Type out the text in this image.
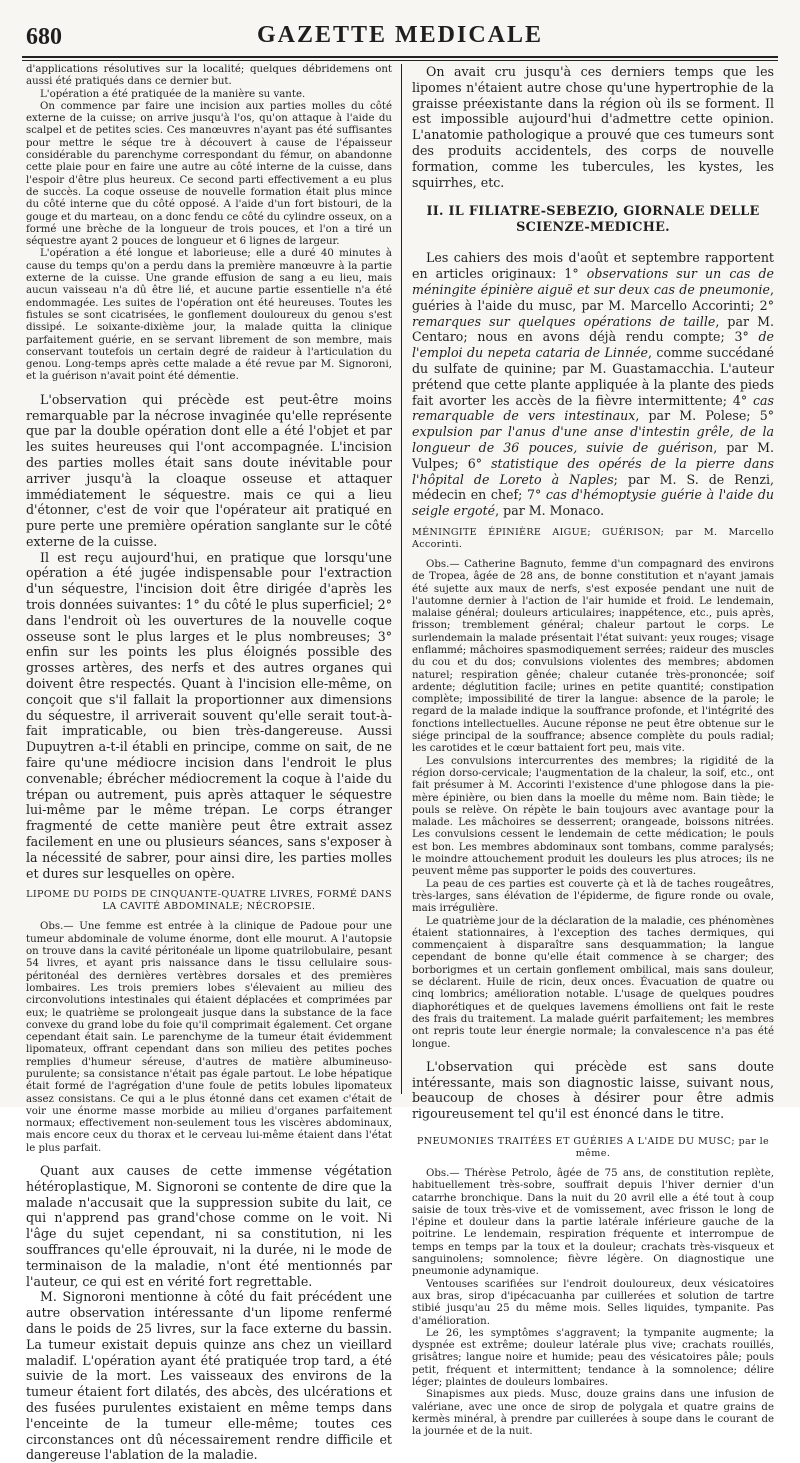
680	GAZETTE MEDICALE

d'applications résolutives sur la localité; quelques débridemens ont aussi été pratiqués dans ce dernier but.

L'opération a été pratiquée de la manière su vante.

On commence par faire une incision aux parties molles du côté externe de la cuisse; on arrive jusqu'à l'os, qu'on attaque à l'aide du scalpel et de petites scies. Ces manœuvres n'ayant pas été suffisantes pour mettre le séque tre à découvert à cause de l'épaisseur considérable du parenchyme correspondant du fémur, on abandonne cette plaie pour en faire une autre au côté interne de la cuisse, dans l'espoir d'être plus heureux. Ce second parti effectivement a eu plus de succès. La coque osseuse de nouvelle formation était plus mince du côté interne que du côté opposé. A l'aide d'un fort bistouri, de la gouge et du marteau, on a donc fendu ce côté du cylindre osseux, on a formé une brèche de la longueur de trois pouces, et l'on a tiré un séquestre ayant 2 pouces de longueur et 6 lignes de largeur.

L'opération a été longue et laborieuse; elle a duré 40 minutes à cause du temps qu'on a perdu dans la première manœuvre à la partie externe de la cuisse. Une grande effusion de sang a eu lieu, mais aucun vaisseau n'a dû être lié, et aucune partie essentielle n'a été endommagée. Les suites de l'opération ont été heureuses. Toutes les fistules se sont cicatrisées, le gonflement douloureux du genou s'est dissipé. Le soixante-dixième jour, la malade quitta la clinique parfaitement guérie, en se servant librement de son membre, mais conservant toutefois un certain degré de raideur à l'articulation du genou. Long-temps après cette malade a été revue par M. Signoroni, et la guérison n'avait point été démentie.

L'observation qui précède est peut-être moins remarquable par la nécrose invaginée qu'elle représente que par la double opération dont elle a été l'objet et par les suites heureuses qui l'ont accompagnée. L'incision des parties molles était sans doute inévitable pour arriver jusqu'à la cloaque osseuse et attaquer immédiatement le séquestre. mais ce qui a lieu d'étonner, c'est de voir que l'opérateur ait pratiqué en pure perte une première opération sanglante sur le côté externe de la cuisse.

Il est reçu aujourd'hui, en pratique que lorsqu'une opération a été jugée indispensable pour l'extraction d'un séquestre, l'incision doit être dirigée d'après les trois données suivantes: 1° du côté le plus superficiel; 2° dans l'endroit où les ouvertures de la nouvelle coque osseuse sont le plus larges et le plus nombreuses; 3° enfin sur les points les plus éloignés possible des grosses artères, des nerfs et des autres organes qui doivent être respectés. Quant à l'incision elle-même, on conçoit que s'il fallait la proportionner aux dimensions du séquestre, il arriverait souvent qu'elle serait tout-à-fait impraticable, ou bien très-dangereuse. Aussi Dupuytren a-t-il établi en principe, comme on sait, de ne faire qu'une médiocre incision dans l'endroit le plus convenable; ébrécher médiocrement la coque à l'aide du trépan ou autrement, puis après attaquer le séquestre lui-même par le même trépan. Le corps étranger fragmenté de cette manière peut être extrait assez facilement en une ou plusieurs séances, sans s'exposer à la nécessité de sabrer, pour ainsi dire, les parties molles et dures sur lesquelles on opère.

LIPOME DU POIDS DE CINQUANTE-QUATRE LIVRES, FORMÉ DANS LA CAVITÉ ABDOMINALE; NÉCROPSIE.

Obs.— Une femme est entrée à la clinique de Padoue pour une tumeur abdominale de volume énorme, dont elle mourut. A l'autopsie on trouve dans la cavité péritonéale un lipome quatrilobulaire, pesant 54 livres, et ayant pris naissance dans le tissu cellulaire sous-péritonéal des dernières vertèbres dorsales et des premières lombaires. Les trois premiers lobes s'élevaient au milieu des circonvolutions intestinales qui étaient déplacées et comprimées par eux; le quatrième se prolongeait jusque dans la substance de la face convexe du grand lobe du foie qu'il comprimait également. Cet organe cependant était sain. Le parenchyme de la tumeur était évidemment lipomateux, offrant cependant dans son milieu des petites poches remplies d'humeur séreuse, d'autres de matière albumineuso-purulente; sa consistance n'était pas égale partout. Le lobe hépatique était formé de l'agrégation d'une foule de petits lobules lipomateux assez consistans. Ce qui a le plus étonné dans cet examen c'était de voir une énorme masse morbide au milieu d'organes parfaitement normaux; effectivement non-seulement tous les viscères abdominaux, mais encore ceux du thorax et le cerveau lui-même étaient dans l'état le plus parfait.

Quant aux causes de cette immense végétation hétéroplastique, M. Signoroni se contente de dire que la malade n'accusait que la suppression subite du lait, ce qui n'apprend pas grand'chose comme on le voit. Ni l'âge du sujet cependant, ni sa constitution, ni les souffrances qu'elle éprouvait, ni la durée, ni le mode de terminaison de la maladie, n'ont été mentionnés par l'auteur, ce qui est en vérité fort regrettable.

M. Signoroni mentionne à côté du fait précédent une autre observation intéressante d'un lipome renfermé dans le poids de 25 livres, sur la face externe du bassin. La tumeur existait depuis quinze ans chez un vieillard maladif. L'opération ayant été pratiquée trop tard, a été suivie de la mort. Les vaisseaux des environs de la tumeur étaient fort dilatés, des abcès, des ulcérations et des fusées purulentes existaient en même temps dans l'enceinte de la tumeur elle-même; toutes ces circonstances ont dû nécessairement rendre difficile et dangereuse l'ablation de la maladie.

On avait cru jusqu'à ces derniers temps que les lipomes n'étaient autre chose qu'une hypertrophie de la graisse préexistante dans la région où ils se forment. Il est impossible aujourd'hui d'admettre cette opinion. L'anatomie pathologique a prouvé que ces tumeurs sont des produits accidentels, des corps de nouvelle formation, comme les tubercules, les kystes, les squirrhes, etc.

II. IL FILIATRE-SEBEZIO, GIORNALE DELLE SCIENZE-MEDICHE.

Les cahiers des mois d'août et septembre rapportent en articles originaux: 1° observations sur un cas de méningite épinière aiguë et sur deux cas de pneumonie, guéries à l'aide du musc, par M. Marcello Accorinti; 2° remarques sur quelques opérations de taille, par M. Centaro; nous en avons déjà rendu compte; 3° de l'emploi du nepeta cataria de Linnée, comme succédané du sulfate de quinine; par M. Guastamacchia. L'auteur prétend que cette plante appliquée à la plante des pieds fait avorter les accès de la fièvre intermittente; 4° cas remarquable de vers intestinaux, par M. Polese; 5° expulsion par l'anus d'une anse d'intestin grêle, de la longueur de 36 pouces, suivie de guérison, par M. Vulpes; 6° statistique des opérés de la pierre dans l'hôpital de Loreto à Naples; par M. S. de Renzi, médecin en chef; 7° cas d'hémoptysie guérie à l'aide du seigle ergoté, par M. Monaco.

MÉNINGITE ÉPINIÈRE AIGUE; GUÉRISON; par M. Marcello Accorinti.

Obs.— Catherine Bagnuto, femme d'un compagnard des environs de Tropea, âgée de 28 ans, de bonne constitution et n'ayant jamais été sujette aux maux de nerfs, s'est exposée pendant une nuit de l'automne dernier à l'action de l'air humide et froid. Le lendemain, malaise général; douleurs articulaires; inappétence, etc., puis après, frisson; tremblement général; chaleur partout le corps. Le surlendemain la malade présentait l'état suivant: yeux rouges; visage enflammé; mâchoires spasmodiquement serrées; raideur des muscles du cou et du dos; convulsions violentes des membres; abdomen naturel; respiration gênée; chaleur cutanée très-prononcée; soif ardente; déglutition facile; urines en petite quantité; constipation complète; impossibilité de tirer la langue: absence de la parole; le regard de la malade indique la souffrance profonde, et l'intégrité des fonctions intellectuelles. Aucune réponse ne peut être obtenue sur le siége principal de la souffrance; absence complète du pouls radial; les carotides et le cœur battaient fort peu, mais vite.

Les convulsions intercurrentes des membres; la rigidité de la région dorso-cervicale; l'augmentation de la chaleur, la soif, etc., ont fait présumer à M. Accorinti l'existence d'une phlogose dans la pie-mère épinière, ou bien dans la moelle du même nom. Bain tiède; le pouls se relève. On répète le bain toujours avec avantage pour la malade. Les mâchoires se desserrent; orangeade, boissons nitrées. Les convulsions cessent le lendemain de cette médication; le pouls est bon. Les membres abdominaux sont tombans, comme paralysés; le moindre attouchement produit les douleurs les plus atroces; ils ne peuvent même pas supporter le poids des couvertures.

La peau de ces parties est couverte çà et là de taches rougeâtres, très-larges, sans élévation de l'épiderme, de figure ronde ou ovale, mais irrégulière.

Le quatrième jour de la déclaration de la maladie, ces phénomènes étaient stationnaires, à l'exception des taches dermiques, qui commençaient à disparaître sans desquammation; la langue cependant de bonne qu'elle était commence à se charger; des borborigmes et un certain gonflement ombilical, mais sans douleur, se déclarent. Huile de ricin, deux onces. Évacuation de quatre ou cinq lombrics; amélioration notable. L'usage de quelques poudres diaphorétiques et de quelques lavemens émolliens ont fait le reste des frais du traitement. La malade guérit parfaitement; les membres ont repris toute leur énergie normale; la convalescence n'a pas été longue.

L'observation qui précède est sans doute intéressante, mais son diagnostic laisse, suivant nous, beaucoup de choses à désirer pour être admis rigoureusement tel qu'il est énoncé dans le titre.

PNEUMONIES TRAITÉES ET GUÉRIES A L'AIDE DU MUSC; par le même.

Obs.— Thérèse Petrolo, âgée de 75 ans, de constitution replète, habituellement très-sobre, souffrait depuis l'hiver dernier d'un catarrhe bronchique. Dans la nuit du 20 avril elle a été tout à coup saisie de toux très-vive et de vomissement, avec frisson le long de l'épine et douleur dans la partie latérale inférieure gauche de la poitrine. Le lendemain, respiration fréquente et interrompue de temps en temps par la toux et la douleur; crachats très-visqueux et sanguinolens; somnolence; fièvre légère. On diagnostique une pneumonie adynamique.

Ventouses scarifiées sur l'endroit douloureux, deux vésicatoires aux bras, sirop d'ipécacuanha par cuillerées et solution de tartre stibié jusqu'au 25 du même mois. Selles liquides, tympanite. Pas d'amélioration.

Le 26, les symptômes s'aggravent; la tympanite augmente; la dyspnée est extrême; douleur latérale plus vive; crachats rouillés, grisâtres; langue noire et humide; peau des vésicatoires pâle; pouls petit, fréquent et intermittent; tendance à la somnolence; délire léger; plaintes de douleurs lombaires.

Sinapismes aux pieds. Musc, douze grains dans une infusion de valériane, avec une once de sirop de polygala et quatre grains de kermès minéral, à prendre par cuillerées à soupe dans le courant de la journée et de la nuit.
